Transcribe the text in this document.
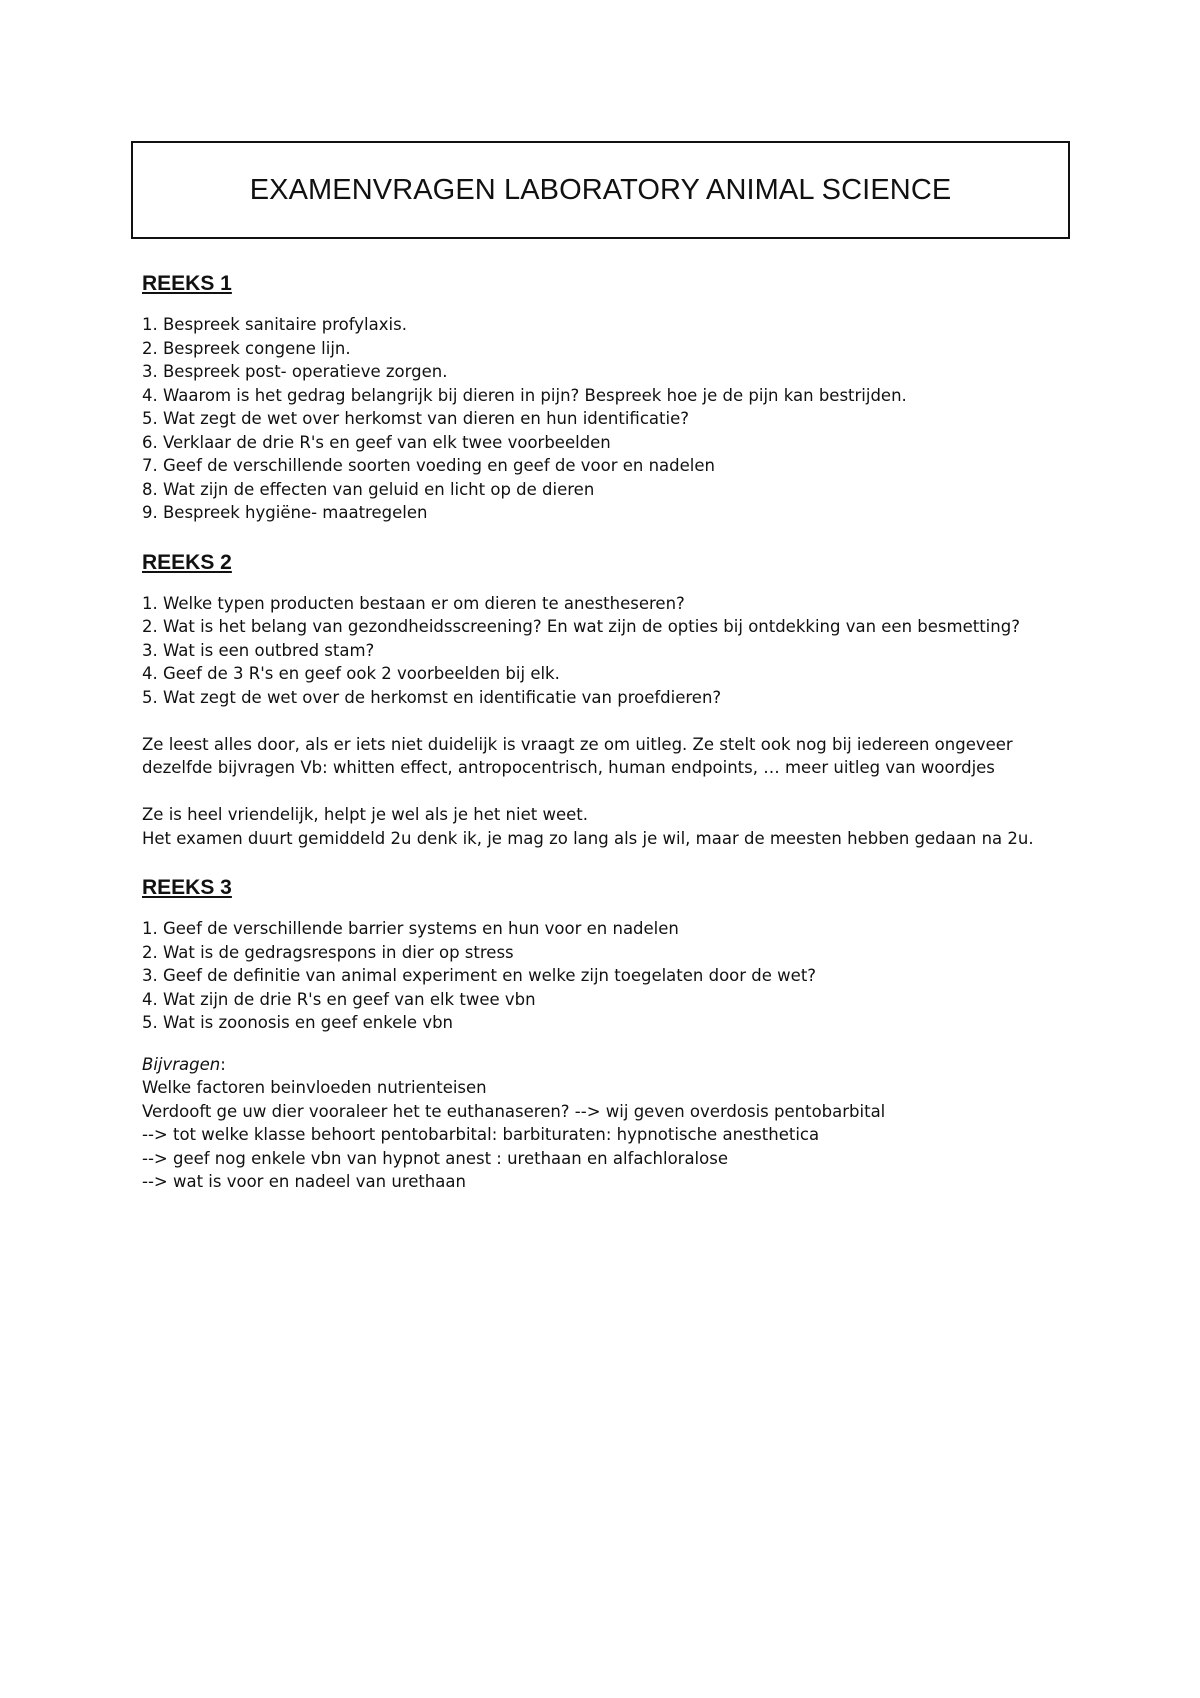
EXAMENVRAGEN LABORATORY ANIMAL SCIENCE
REEKS 1
1. Bespreek sanitaire profylaxis.
2. Bespreek congene lijn.
3. Bespreek post- operatieve zorgen.
4. Waarom is het gedrag belangrijk bij dieren in pijn? Bespreek hoe je de pijn kan bestrijden.
5. Wat zegt de wet over herkomst van dieren en hun identificatie?
6. Verklaar de drie R's en geef van elk twee voorbeelden
7. Geef de verschillende soorten voeding en geef de voor en nadelen
8. Wat zijn de effecten van geluid en licht op de dieren
9. Bespreek hygiëne- maatregelen
REEKS 2
1. Welke typen producten bestaan er om dieren te anestheseren?
2. Wat is het belang van gezondheidsscreening? En wat zijn de opties bij ontdekking van een besmetting?
3. Wat is een outbred stam?
4. Geef de 3 R's en geef ook 2 voorbeelden bij elk.
5. Wat zegt de wet over de herkomst en identificatie van proefdieren?

Ze leest alles door, als er iets niet duidelijk is vraagt ze om uitleg. Ze stelt ook nog bij iedereen ongeveer dezelfde bijvragen Vb: whitten effect, antropocentrisch, human endpoints, … meer uitleg van woordjes

Ze is heel vriendelijk, helpt je wel als je het niet weet.

Het examen duurt gemiddeld 2u denk ik, je mag zo lang als je wil, maar de meesten hebben gedaan na 2u.

REEKS 3
1. Geef de verschillende barrier systems en hun voor en nadelen
2. Wat is de gedragsrespons in dier op stress
3. Geef de definitie van animal experiment en welke zijn toegelaten door de wet?
4. Wat zijn de drie R's en geef van elk twee vbn
5. Wat is zoonosis en geef enkele vbn

Bijvragen:

Welke factoren beinvloeden nutrienteisen

Verdooft ge uw dier vooraleer het te euthanaseren? --> wij geven overdosis pentobarbital

--> tot welke klasse behoort pentobarbital: barbituraten: hypnotische anesthetica

--> geef nog enkele vbn van hypnot anest : urethaan en alfachloralose

--> wat is voor en nadeel van urethaan
